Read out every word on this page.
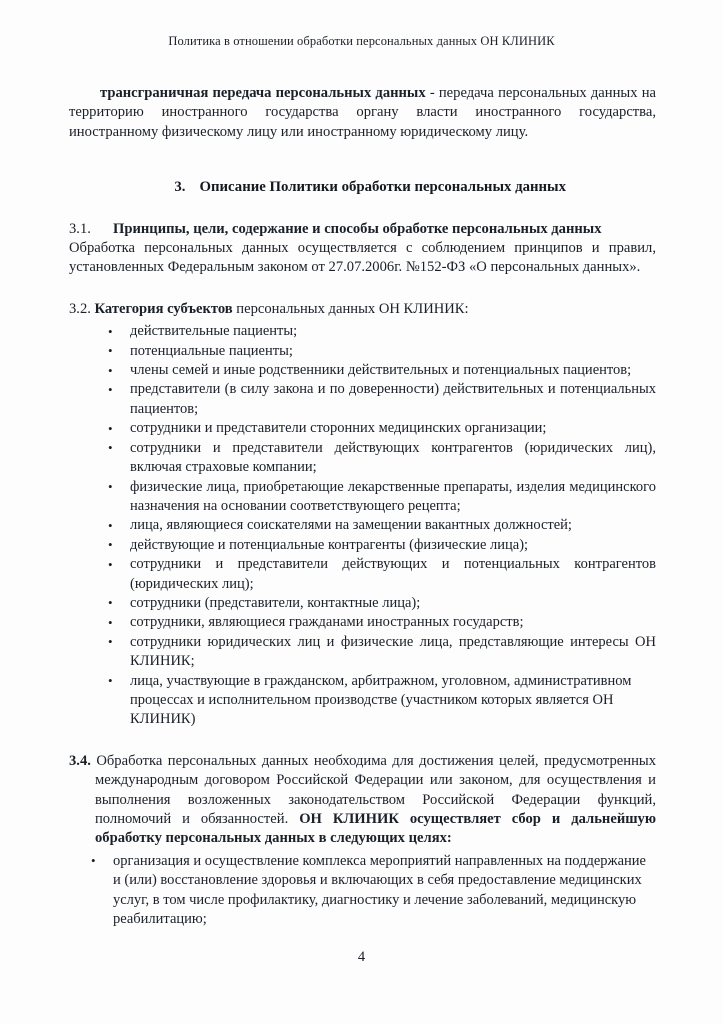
Политика в отношении обработки персональных данных ОН КЛИНИК

трансграничная передача персональных данных - передача персональных данных на территорию иностранного государства органу власти иностранного государства, иностранному физическому лицу или иностранному юридическому лицу.

3. Описание Политики обработки персональных данных
3.1. Принципы, цели, содержание и способы обработке персональных данных

Обработка персональных данных осуществляется с соблюдением принципов и правил, установленных Федеральным законом от 27.07.2006г. №152-ФЗ «О персональных данных».

3.2. Категория субъектов персональных данных ОН КЛИНИК:
• действительные пациенты;
• потенциальные пациенты;
• члены семей и иные родственники действительных и потенциальных пациентов;
• представители (в силу закона и по доверенности) действительных и потенциальных пациентов;
• сотрудники и представители сторонних медицинских организации;
• сотрудники и представители действующих контрагентов (юридических лиц), включая страховые компании;
• физические лица, приобретающие лекарственные препараты, изделия медицинского назначения на основании соответствующего рецепта;
• лица, являющиеся соискателями на замещении вакантных должностей;
• действующие и потенциальные контрагенты (физические лица);
• сотрудники и представители действующих и потенциальных контрагентов (юридических лиц);
• сотрудники (представители, контактные лица);
• сотрудники, являющиеся гражданами иностранных государств;
• сотрудники юридических лиц и физические лица, представляющие интересы ОН КЛИНИК;
• лица, участвующие в гражданском, арбитражном, уголовном, административном процессах и исполнительном производстве (участником которых является ОН КЛИНИК)

3.4. Обработка персональных данных необходима для достижения целей, предусмотренных международным договором Российской Федерации или законом, для осуществления и выполнения возложенных законодательством Российской Федерации функций, полномочий и обязанностей. ОН КЛИНИК осуществляет сбор и дальнейшую обработку персональных данных в следующих целях:

• организация и осуществление комплекса мероприятий направленных на поддержание и (или) восстановление здоровья и включающих в себя предоставление медицинских услуг, в том числе профилактику, диагностику и лечение заболеваний, медицинскую реабилитацию;
4
